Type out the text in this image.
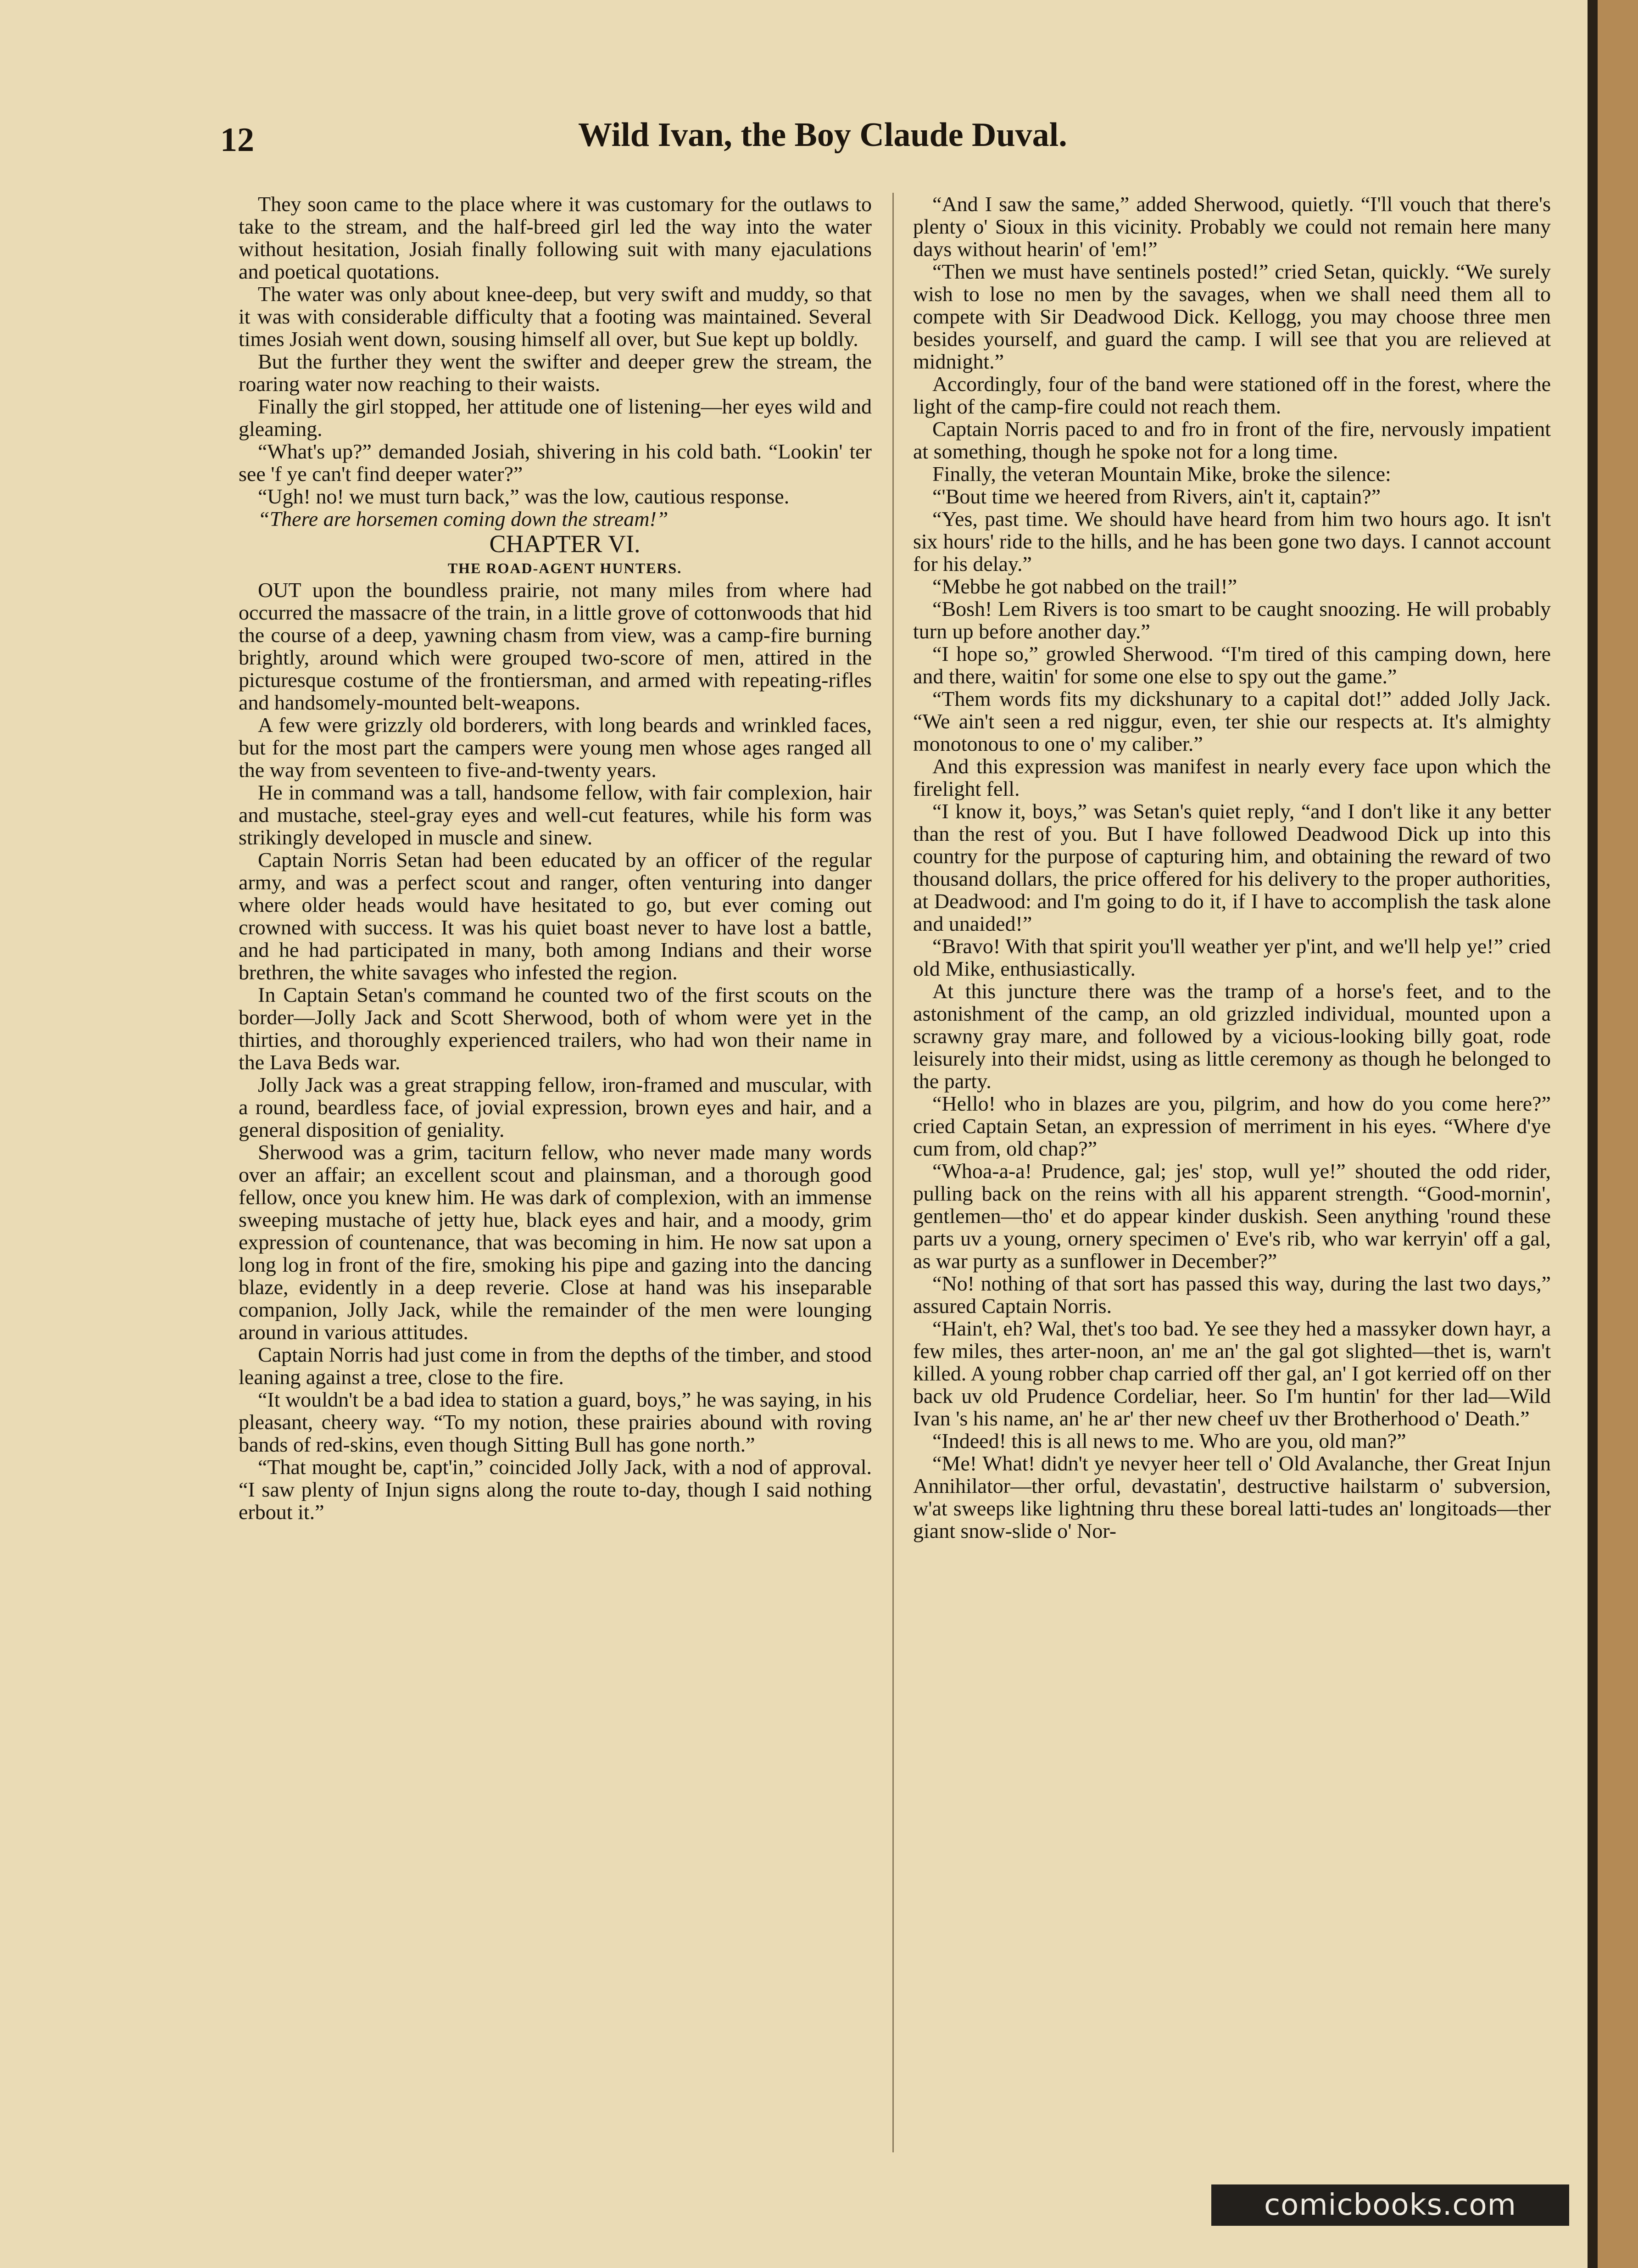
12	Wild Ivan, the Boy Claude Duval.

They soon came to the place where it was customary for the outlaws to take to the stream, and the half-breed girl led the way into the water without hesitation, Josiah finally following suit with many ejaculations and poetical quotations.

The water was only about knee-deep, but very swift and muddy, so that it was with considerable difficulty that a footing was maintained. Several times Josiah went down, sousing himself all over, but Sue kept up boldly.

But the further they went the swifter and deeper grew the stream, the roaring water now reaching to their waists.

Finally the girl stopped, her attitude one of listening—her eyes wild and gleaming.

“What's up?” demanded Josiah, shivering in his cold bath. “Lookin' ter see 'f ye can't find deeper water?”

“Ugh! no! we must turn back,” was the low, cautious response.

“There are horsemen coming down the stream!”

CHAPTER VI.

THE ROAD-AGENT HUNTERS.

OUT upon the boundless prairie, not many miles from where had occurred the massacre of the train, in a little grove of cottonwoods that hid the course of a deep, yawning chasm from view, was a camp-fire burning brightly, around which were grouped two-score of men, attired in the picturesque costume of the frontiersman, and armed with repeating-rifles and handsomely-mounted belt-weapons.

A few were grizzly old borderers, with long beards and wrinkled faces, but for the most part the campers were young men whose ages ranged all the way from seventeen to five-and-twenty years.

He in command was a tall, handsome fellow, with fair complexion, hair and mustache, steel-gray eyes and well-cut features, while his form was strikingly developed in muscle and sinew.

Captain Norris Setan had been educated by an officer of the regular army, and was a perfect scout and ranger, often venturing into danger where older heads would have hesitated to go, but ever coming out crowned with success. It was his quiet boast never to have lost a battle, and he had participated in many, both among Indians and their worse brethren, the white savages who infested the region.

In Captain Setan's command he counted two of the first scouts on the border—Jolly Jack and Scott Sherwood, both of whom were yet in the thirties, and thoroughly experienced trailers, who had won their name in the Lava Beds war.

Jolly Jack was a great strapping fellow, iron-framed and muscular, with a round, beardless face, of jovial expression, brown eyes and hair, and a general disposition of geniality.

Sherwood was a grim, taciturn fellow, who never made many words over an affair; an excellent scout and plainsman, and a thorough good fellow, once you knew him. He was dark of complexion, with an immense sweeping mustache of jetty hue, black eyes and hair, and a moody, grim expression of countenance, that was becoming in him. He now sat upon a long log in front of the fire, smoking his pipe and gazing into the dancing blaze, evidently in a deep reverie. Close at hand was his inseparable companion, Jolly Jack, while the remainder of the men were lounging around in various attitudes.

Captain Norris had just come in from the depths of the timber, and stood leaning against a tree, close to the fire.

“It wouldn't be a bad idea to station a guard, boys,” he was saying, in his pleasant, cheery way. “To my notion, these prairies abound with roving bands of red-skins, even though Sitting Bull has gone north.”

“That mought be, capt'in,” coincided Jolly Jack, with a nod of approval. “I saw plenty of Injun signs along the route to-day, though I said nothing erbout it.”

“And I saw the same,” added Sherwood, quietly. “I'll vouch that there's plenty o' Sioux in this vicinity. Probably we could not remain here many days without hearin' of 'em!”

“Then we must have sentinels posted!” cried Setan, quickly. “We surely wish to lose no men by the savages, when we shall need them all to compete with Sir Deadwood Dick. Kellogg, you may choose three men besides yourself, and guard the camp. I will see that you are relieved at midnight.”

Accordingly, four of the band were stationed off in the forest, where the light of the camp-fire could not reach them.

Captain Norris paced to and fro in front of the fire, nervously impatient at something, though he spoke not for a long time.

Finally, the veteran Mountain Mike, broke the silence:

“'Bout time we heered from Rivers, ain't it, captain?”

“Yes, past time. We should have heard from him two hours ago. It isn't six hours' ride to the hills, and he has been gone two days. I cannot account for his delay.”

“Mebbe he got nabbed on the trail!”

“Bosh! Lem Rivers is too smart to be caught snoozing. He will probably turn up before another day.”

“I hope so,” growled Sherwood. “I'm tired of this camping down, here and there, waitin' for some one else to spy out the game.”

“Them words fits my dickshunary to a capital dot!” added Jolly Jack. “We ain't seen a red niggur, even, ter shie our respects at. It's almighty monotonous to one o' my caliber.”

And this expression was manifest in nearly every face upon which the firelight fell.

“I know it, boys,” was Setan's quiet reply, “and I don't like it any better than the rest of you. But I have followed Deadwood Dick up into this country for the purpose of capturing him, and obtaining the reward of two thousand dollars, the price offered for his delivery to the proper authorities, at Deadwood: and I'm going to do it, if I have to accomplish the task alone and unaided!”

“Bravo! With that spirit you'll weather yer p'int, and we'll help ye!” cried old Mike, enthusiastically.

At this juncture there was the tramp of a horse's feet, and to the astonishment of the camp, an old grizzled individual, mounted upon a scrawny gray mare, and followed by a vicious-looking billy goat, rode leisurely into their midst, using as little ceremony as though he belonged to the party.

“Hello! who in blazes are you, pilgrim, and how do you come here?” cried Captain Setan, an expression of merriment in his eyes. “Where d'ye cum from, old chap?”

“Whoa-a-a! Prudence, gal; jes' stop, wull ye!” shouted the odd rider, pulling back on the reins with all his apparent strength. “Good-mornin', gentlemen—tho' et do appear kinder duskish. Seen anything 'round these parts uv a young, ornery specimen o' Eve's rib, who war kerryin' off a gal, as war purty as a sunflower in December?”

“No! nothing of that sort has passed this way, during the last two days,” assured Captain Norris.

“Hain't, eh? Wal, thet's too bad. Ye see they hed a massyker down hayr, a few miles, thes arter-noon, an' me an' the gal got slighted—thet is, warn't killed. A young robber chap carried off ther gal, an' I got kerried off on ther back uv old Prudence Cordeliar, heer. So I'm huntin' for ther lad—Wild Ivan 's his name, an' he ar' ther new cheef uv ther Brotherhood o' Death.”

“Indeed! this is all news to me. Who are you, old man?”

“Me! What! didn't ye nevyer heer tell o' Old Avalanche, ther Great Injun Annihilator—ther orful, devastatin', destructive hailstarm o' subversion, w'at sweeps like lightning thru these boreal latti-tudes an' longitoads—ther giant snow-slide o' Nor-

comicbooks.com
